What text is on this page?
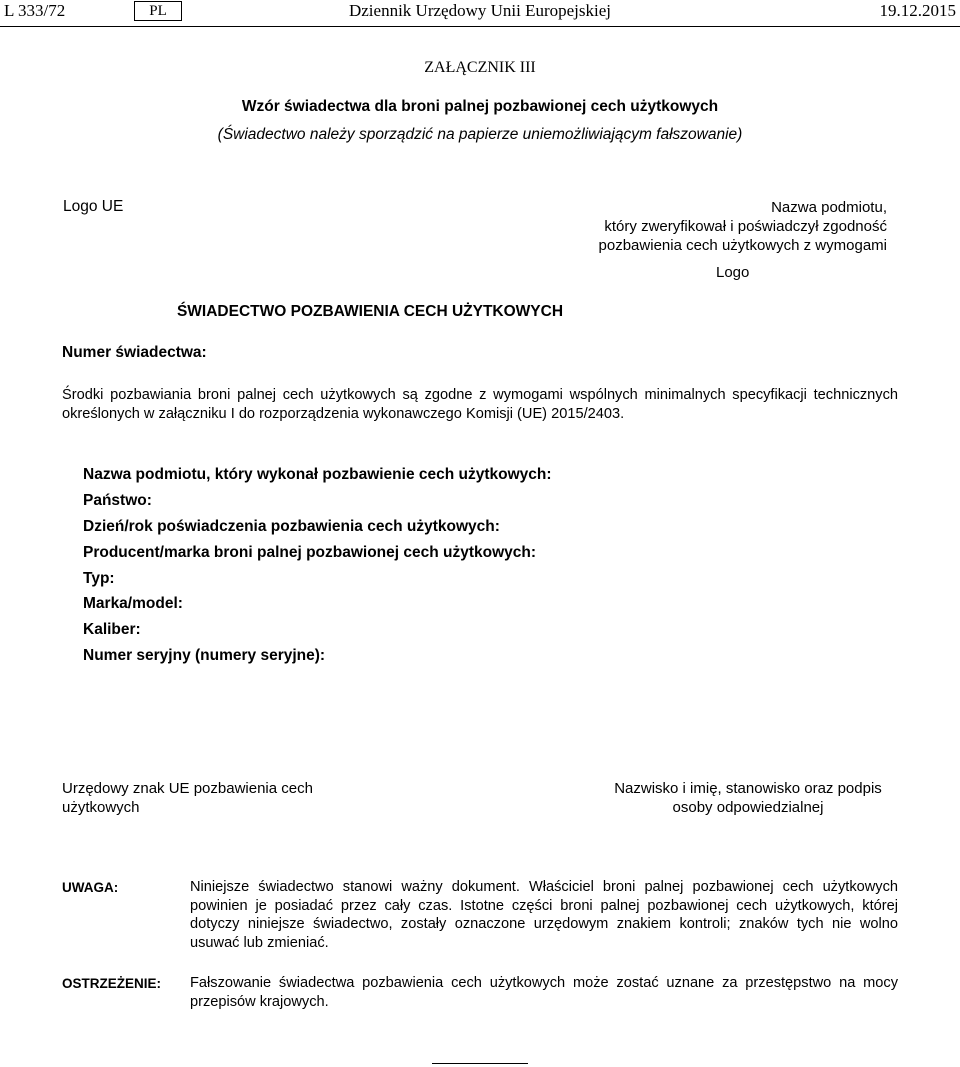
L 333/72	PL	Dziennik Urzędowy Unii Europejskiej	19.12.2015
ZAŁĄCZNIK III
Wzór świadectwa dla broni palnej pozbawionej cech użytkowych
(Świadectwo należy sporządzić na papierze uniemożliwiającym fałszowanie)
Logo UE	Nazwa podmiotu,
który zweryfikował i poświadczył zgodność
pozbawienia cech użytkowych z wymogami
Logo
ŚWIADECTWO POZBAWIENIA CECH UŻYTKOWYCH
Numer świadectwa:
Środki pozbawiania broni palnej cech użytkowych są zgodne z wymogami wspólnych minimalnych specyfikacji technicznych określonych w załączniku I do rozporządzenia wykonawczego Komisji (UE) 2015/2403.
Nazwa podmiotu, który wykonał pozbawienie cech użytkowych:
Państwo:
Dzień/rok poświadczenia pozbawienia cech użytkowych:
Producent/marka broni palnej pozbawionej cech użytkowych:
Typ:
Marka/model:
Kaliber:
Numer seryjny (numery seryjne):
Urzędowy znak UE pozbawienia cech użytkowych
Nazwisko i imię, stanowisko oraz podpis osoby odpowiedzialnej
UWAGA:	Niniejsze świadectwo stanowi ważny dokument. Właściciel broni palnej pozbawionej cech użytkowych powinien je posiadać przez cały czas. Istotne części broni palnej pozbawionej cech użytkowych, której dotyczy niniejsze świadectwo, zostały oznaczone urzędowym znakiem kontroli; znaków tych nie wolno usuwać lub zmieniać.
OSTRZEŻENIE: Fałszowanie świadectwa pozbawienia cech użytkowych może zostać uznane za przestępstwo na mocy przepisów krajowych.
